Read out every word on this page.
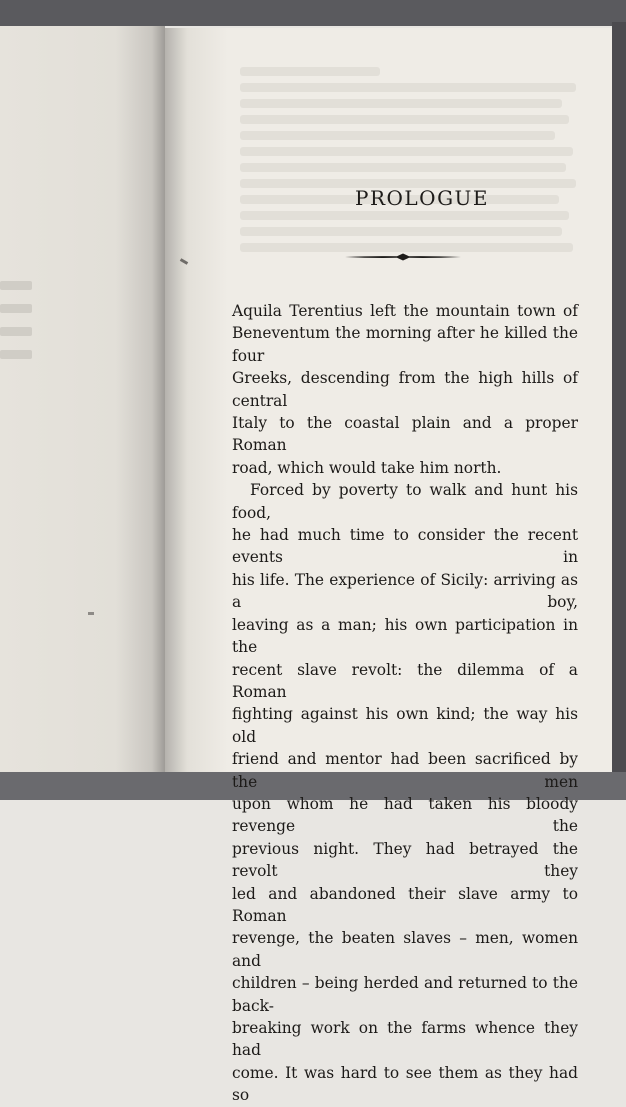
PROLOGUE

Aquila Terentius left the mountain town of

Beneventum the morning after he killed the four

Greeks, descending from the high hills of central

Italy to the coastal plain and a proper Roman

road, which would take him north.

Forced by poverty to walk and hunt his food,

he had much time to consider the recent events in

his life. The experience of Sicily: arriving as a boy,

leaving as a man; his own participation in the

recent slave revolt: the dilemma of a Roman

fighting against his own kind; the way his old

friend and mentor had been sacrificed by the men

upon whom he had taken his bloody revenge the

previous night. They had betrayed the revolt they

led and abandoned their slave army to Roman

revenge, the beaten slaves – men, women and

children – being herded and returned to the back-

breaking work on the farms whence they had

come. It was hard to see them as they had so
